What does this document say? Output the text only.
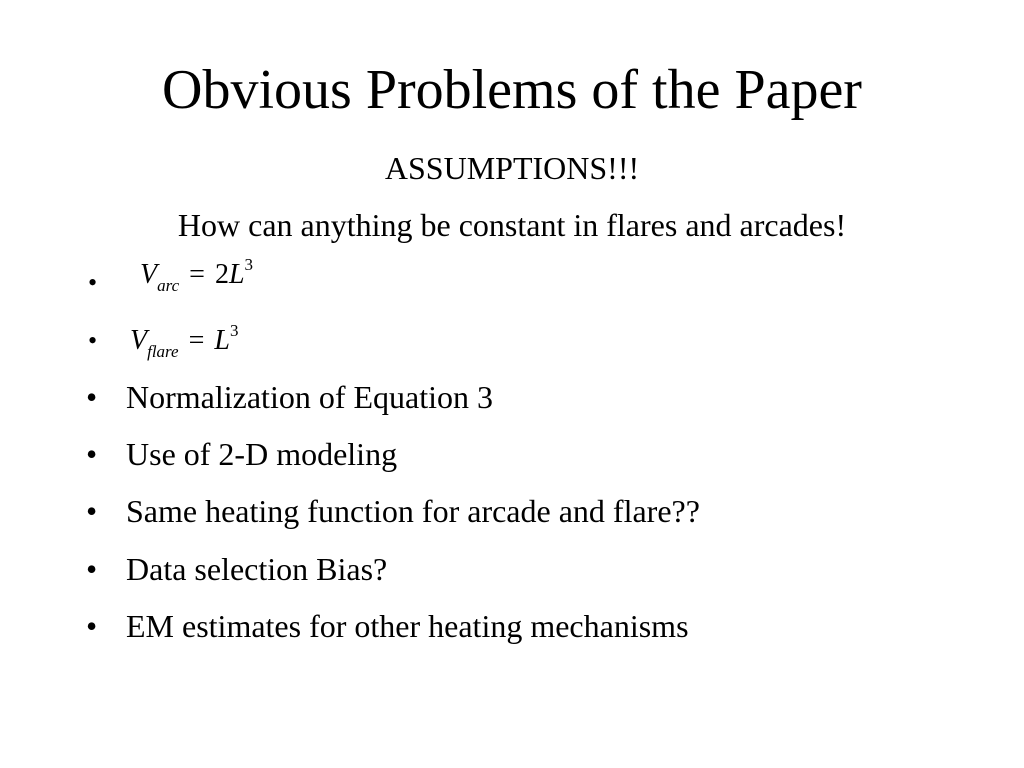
Obvious Problems of the Paper
ASSUMPTIONS!!!
How can anything be constant in flares and arcades!
• $V_{arc} = 2L^3$
• $V_{flare} = L^3$
• Normalization of Equation 3
• Use of 2-D modeling
• Same heating function for arcade and flare??
• Data selection Bias?
• EM estimates for other heating mechanisms
